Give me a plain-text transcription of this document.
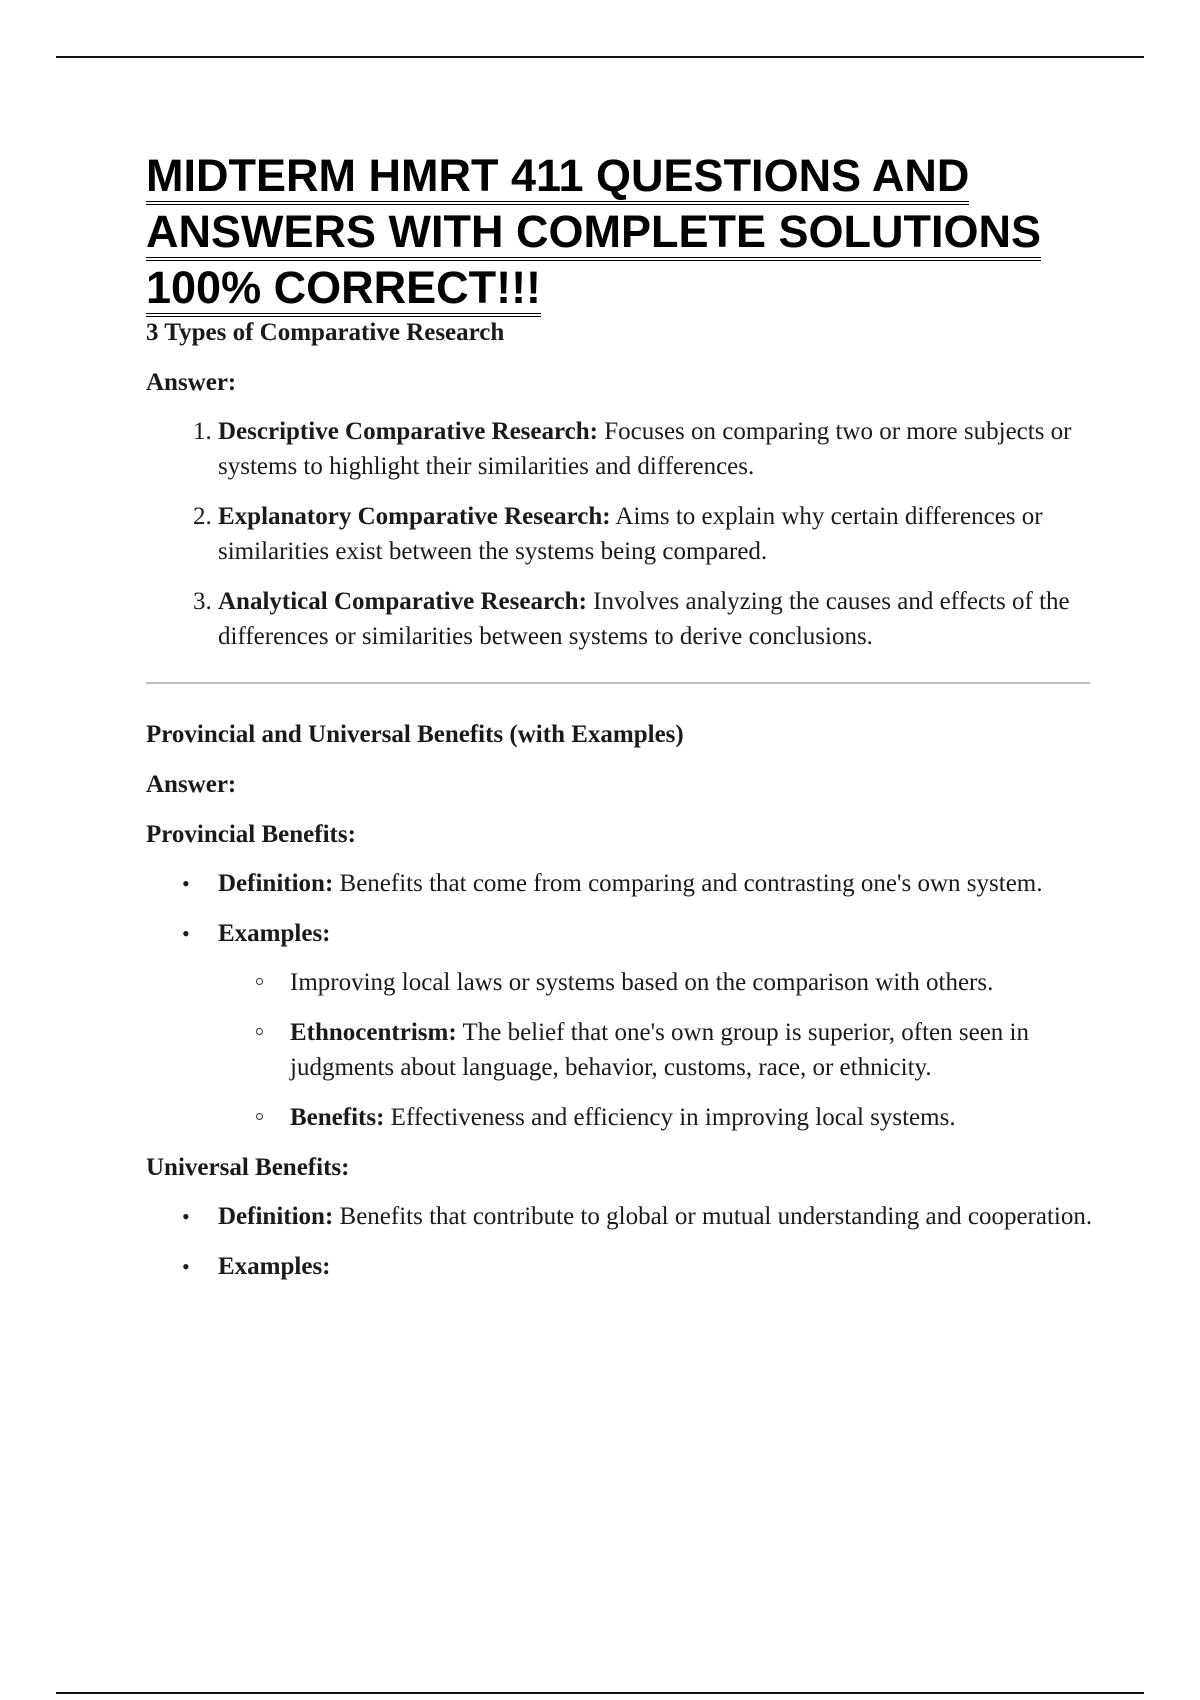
MIDTERM HMRT 411 QUESTIONS AND ANSWERS WITH COMPLETE SOLUTIONS 100% CORRECT!!!

3 Types of Comparative Research

Answer:

1. Descriptive Comparative Research: Focuses on comparing two or more subjects or systems to highlight their similarities and differences.
2. Explanatory Comparative Research: Aims to explain why certain differences or similarities exist between the systems being compared.
3. Analytical Comparative Research: Involves analyzing the causes and effects of the differences or similarities between systems to derive conclusions.

Provincial and Universal Benefits (with Examples)

Answer:

Provincial Benefits:

• Definition: Benefits that come from comparing and contrasting one's own system.
• Examples:
Improving local laws or systems based on the comparison with others.
Ethnocentrism: The belief that one's own group is superior, often seen in judgments about language, behavior, customs, race, or ethnicity.
Benefits: Effectiveness and efficiency in improving local systems.

Universal Benefits:

• Definition: Benefits that contribute to global or mutual understanding and cooperation.
• Examples:
